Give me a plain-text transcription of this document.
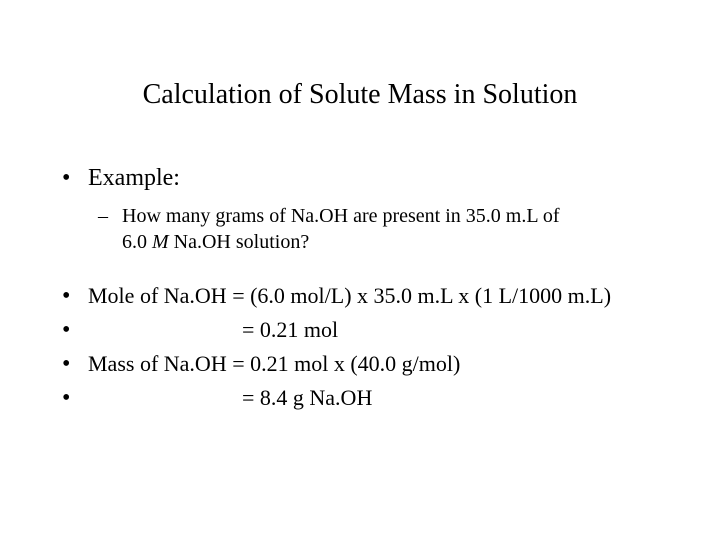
Calculation of Solute Mass in Solution
• Example:
– How many grams of Na.OH are present in 35.0 m.L of
6.0 M Na.OH solution?
• Mole of Na.OH = (6.0 mol/L) x 35.0 m.L x (1 L/1000 m.L)
•	= 0.21 mol
• Mass of Na.OH = 0.21 mol x (40.0 g/mol)
•	= 8.4 g Na.OH
